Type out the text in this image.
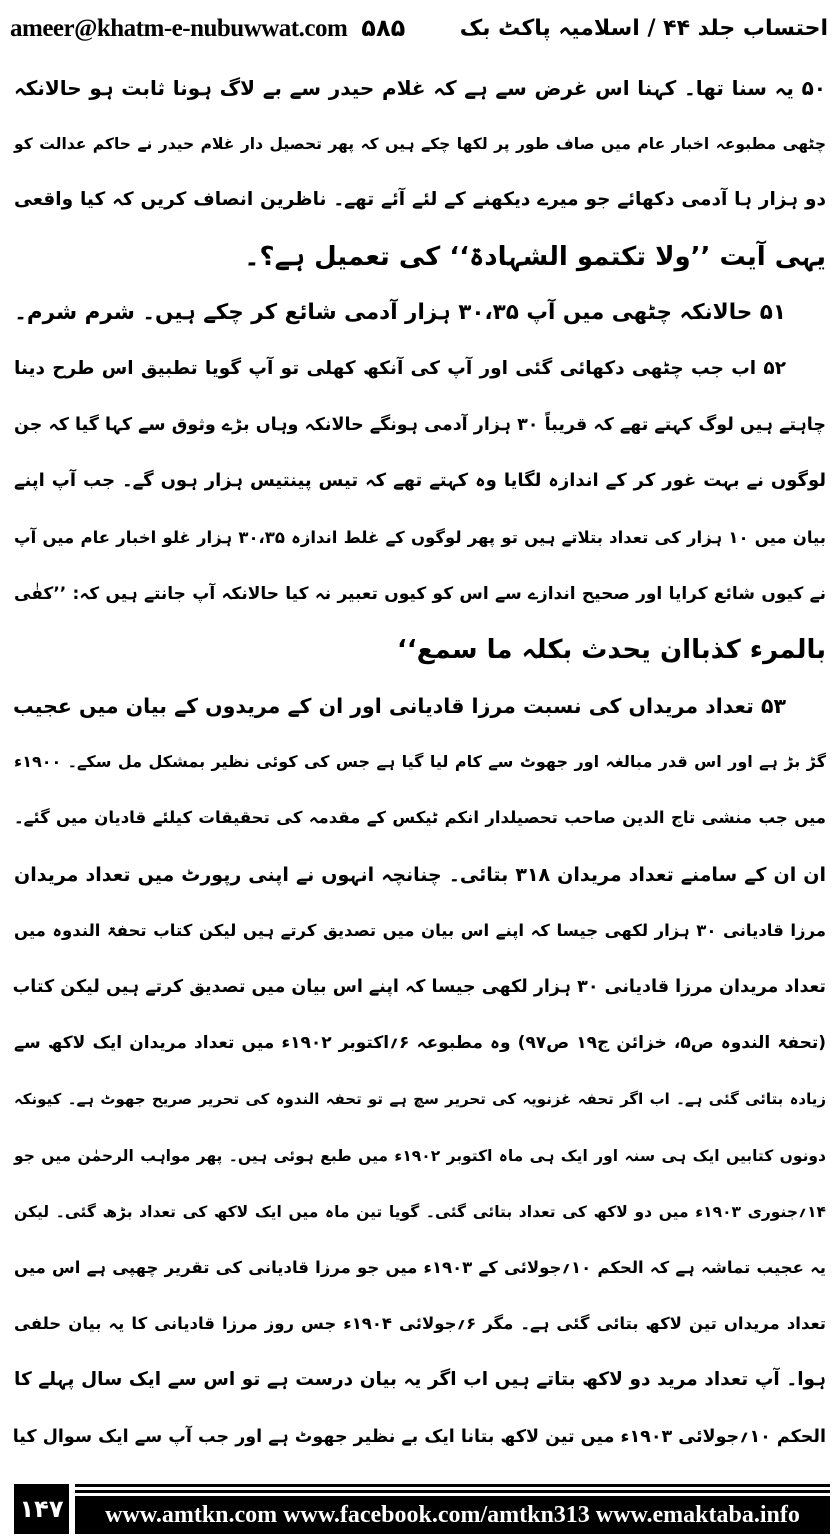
ameer@khatm-e-nubuwwat.com ۵۸۵ احتساب جلد ۴۴ / اسلامیہ پاکٹ بک
۵۰ یہ سنا تھا۔ کہنا اس غرض سے ہے کہ غلام حیدر سے بے لاگ ہونا ثابت ہو حالانکہ
چٹھی مطبوعہ اخبار عام میں صاف طور پر لکھا چکے ہیں کہ پھر تحصیل دار غلام حیدر نے حاکم عدالت کو
دو ہزار ہا آدمی دکھائے جو میرے دیکھنے کے لئے آئے تھے۔ ناظرین انصاف کریں کہ کیا واقعی
یہی آیت ’’ولا تکتمو الشہادۃ‘‘ کی تعمیل ہے؟۔
۵۱ حالانکہ چٹھی میں آپ ۳۰،۳۵ ہزار آدمی شائع کر چکے ہیں۔ شرم شرم۔
۵۲ اب جب چٹھی دکھائی گئی اور آپ کی آنکھ کھلی تو آپ گویا تطبیق اس طرح دینا
چاہتے ہیں لوگ کہتے تھے کہ قریباً ۳۰ ہزار آدمی ہونگے حالانکہ وہاں بڑے وثوق سے کہا گیا کہ جن
لوگوں نے بہت غور کر کے اندازہ لگایا وہ کہتے تھے کہ تیس پینتیس ہزار ہوں گے۔ جب آپ اپنے
بیان میں ۱۰ ہزار کی تعداد بتلاتے ہیں تو پھر لوگوں کے غلط اندازہ ۳۰،۳۵ ہزار غلو اخبار عام میں آپ
نے کیوں شائع کرایا اور صحیح اندازے سے اس کو کیوں تعبیر نہ کیا حالانکہ آپ جانتے ہیں کہ: ’’کفٰی
بالمرء کذباان یحدث بکلہ ما سمع‘‘
۵۳ تعداد مریداں کی نسبت مرزا قادیانی اور ان کے مریدوں کے بیان میں عجیب
گڑ بڑ ہے اور اس قدر مبالغہ اور جھوٹ سے کام لیا گیا ہے جس کی کوئی نظیر بمشکل مل سکے۔ ۱۹۰۰ء
میں جب منشی تاج الدین صاحب تحصیلدار انکم ٹیکس کے مقدمہ کی تحقیقات کیلئے قادیان میں گئے۔
ان ان کے سامنے تعداد مریدان ۳۱۸ بتائی۔ چنانچہ انہوں نے اپنی رپورٹ میں تعداد مریدان
مرزا قادیانی ۳۰ ہزار لکھی جیسا کہ اپنے اس بیان میں تصدیق کرتے ہیں لیکن کتاب تحفۃ الندوہ میں
تعداد مریدان مرزا قادیانی ۳۰ ہزار لکھی جیسا کہ اپنے اس بیان میں تصدیق کرتے ہیں لیکن کتاب
(تحفۃ الندوہ ص۵، خزائن ج۱۹ ص۹۷) وہ مطبوعہ ۶؍اکتوبر ۱۹۰۲ء میں تعداد مریدان ایک لاکھ سے
زیادہ بتائی گئی ہے۔ اب اگر تحفہ غزنویہ کی تحریر سچ ہے تو تحفہ الندوہ کی تحریر صریح جھوٹ ہے۔ کیونکہ
دونوں کتابیں ایک ہی سنہ اور ایک ہی ماہ اکتوبر ۱۹۰۲ء میں طبع ہوئی ہیں۔ پھر مواہب الرحمٰن میں جو
۱۴؍جنوری ۱۹۰۳ء میں دو لاکھ کی تعداد بتائی گئی۔ گویا تین ماہ میں ایک لاکھ کی تعداد بڑھ گئی۔ لیکن
یہ عجیب تماشہ ہے کہ الحکم ۱۰؍جولائی کے ۱۹۰۳ء میں جو مرزا قادیانی کی تقریر چھپی ہے اس میں
تعداد مریداں تین لاکھ بتائی گئی ہے۔ مگر ۶؍جولائی ۱۹۰۴ء جس روز مرزا قادیانی کا یہ بیان حلفی
ہوا۔ آپ تعداد مرید دو لاکھ بتاتے ہیں اب اگر یہ بیان درست ہے تو اس سے ایک سال پہلے کا
الحکم ۱۰؍جولائی ۱۹۰۳ء میں تین لاکھ بتانا ایک بے نظیر جھوٹ ہے اور جب آپ سے ایک سوال کیا
۱۴۷	www.amtkn.com www.facebook.com/amtkn313 www.emaktaba.info
